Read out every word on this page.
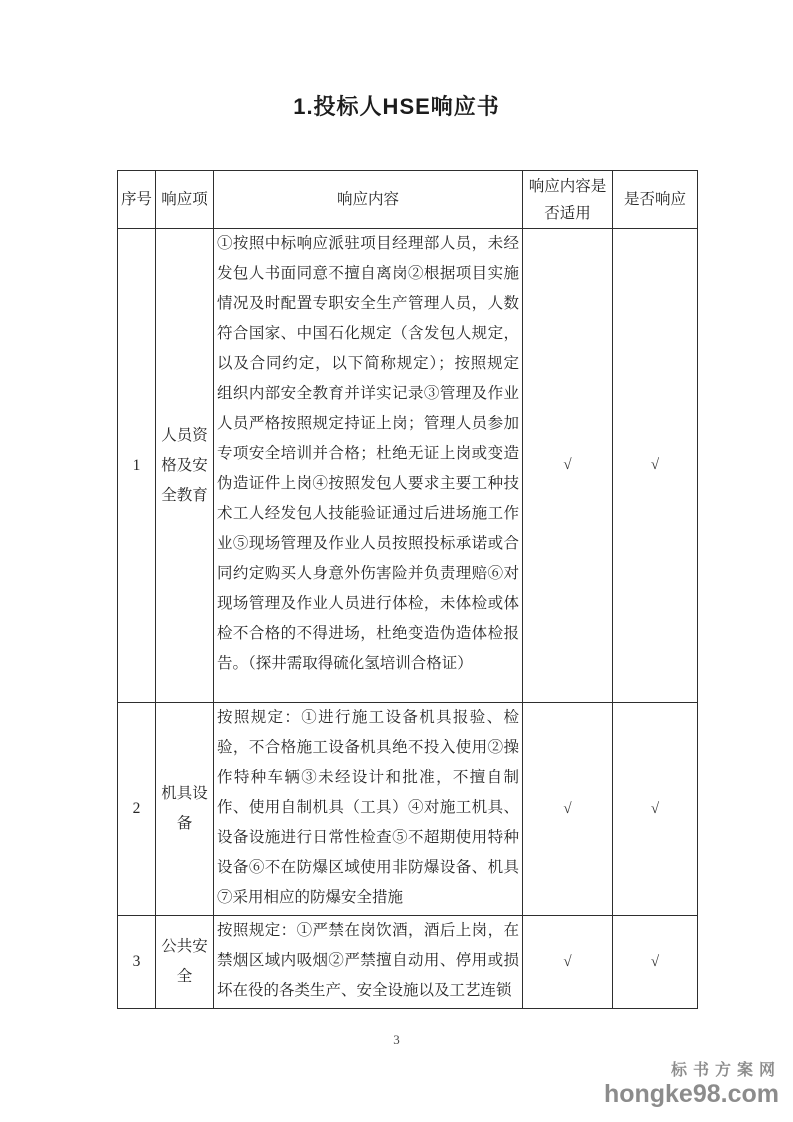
1.投标人HSE响应书
序号	响应项	响应内容	响应内容是否适用	是否响应
1	人员资格及安全教育	①按照中标响应派驻项目经理部人员，未经发包人书面同意不擅自离岗②根据项目实施情况及时配置专职安全生产管理人员，人数符合国家、中国石化规定（含发包人规定，以及合同约定，以下简称规定）；按照规定组织内部安全教育并详实记录③管理及作业人员严格按照规定持证上岗；管理人员参加专项安全培训并合格；杜绝无证上岗或变造伪造证件上岗④按照发包人要求主要工种技术工人经发包人技能验证通过后进场施工作业⑤现场管理及作业人员按照投标承诺或合同约定购买人身意外伤害险并负责理赔⑥对现场管理及作业人员进行体检，未体检或体检不合格的不得进场，杜绝变造伪造体检报告。（探井需取得硫化氢培训合格证）	√	√
2	机具设备	按照规定：①进行施工设备机具报验、检验，不合格施工设备机具绝不投入使用②操作特种车辆③未经设计和批准，不擅自制作、使用自制机具（工具）④对施工机具、设备设施进行日常性检查⑤不超期使用特种设备⑥不在防爆区域使用非防爆设备、机具⑦采用相应的防爆安全措施	√	√
3	公共安全	按照规定：①严禁在岗饮酒，酒后上岗，在禁烟区域内吸烟②严禁擅自动用、停用或损坏在役的各类生产、安全设施以及工艺连锁	√	√
3
标书方案网
hongke98.com
